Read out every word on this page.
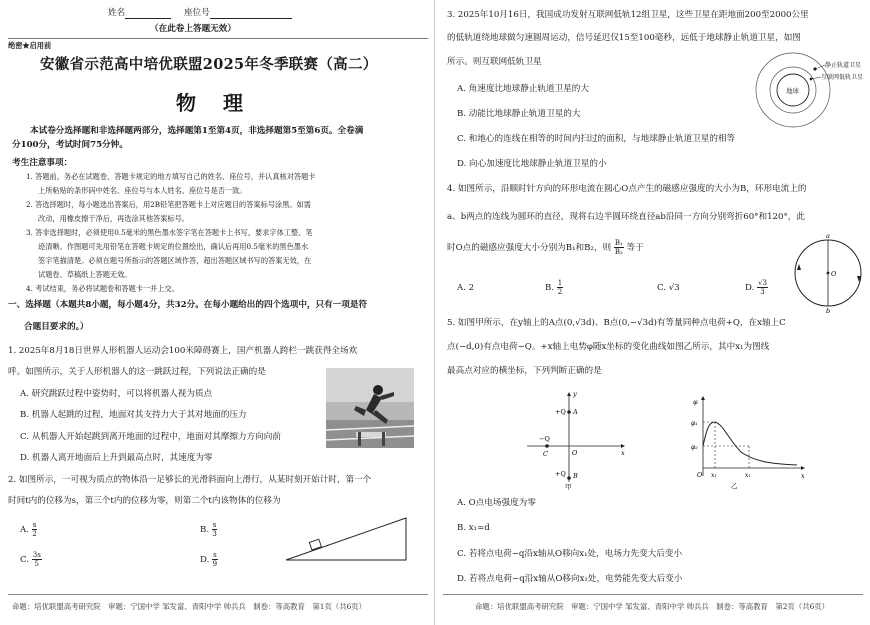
姓名	座位号
（在此卷上答题无效）
绝密★启用前
安徽省示范高中培优联盟2025年冬季联赛（高二）
物 理
本试卷分选择题和非选择题两部分，选择题第1至第4页，非选择题第5至第6页。全卷满
分100分，考试时间75分钟。
考生注意事项：
1. 答题前，务必在试题卷、答题卡规定的地方填写自己的姓名、座位号，并认真核对答题卡
上所粘贴的条形码中姓名、座位号与本人姓名、座位号是否一致。
2. 答选择题时，每小题选出答案后，用2B铅笔把答题卡上对应题目的答案标号涂黑。如需
改动，用橡皮擦干净后，再选涂其他答案标号。
3. 答非选择题时，必须使用0.5毫米的黑色墨水签字笔在答题卡上书写，要求字体工整、笔
迹清晰。作图题可先用铅笔在答题卡规定的位置绘出，确认后再用0.5毫米的黑色墨水
签字笔描清楚。必须在题号所指示的答题区域作答，超出答题区域书写的答案无效，在
试题卷、草稿纸上答题无效。
4. 考试结束，务必将试题卷和答题卡一并上交。
一、选择题（本题共8小题，每小题4分，共32分。在每小题给出的四个选项中，只有一项是符
合题目要求的。）
1. 2025年8月18日世界人形机器人运动会100米障碍赛上，国产机器人跨栏一跳获得全场欢
呼。如图所示，关于人形机器人的这一跳跃过程，下列说法正确的是
A. 研究跳跃过程中姿势时，可以将机器人视为质点
B. 机器人起跳的过程，地面对其支持力大于其对地面的压力
C. 从机器人开始起跳到离开地面的过程中，地面对其摩擦力方向向前
D. 机器人离开地面后上升到最高点时，其速度为零
2. 如图所示，一可视为质点的物体沿一足够长的光滑斜面向上滑行，从某时刻开始计时，第一个
时间t内的位移为s，第三个t内的位移为零，则第二个t内该物体的位移为
A. $\frac{s}{2}$	B. $\frac{s}{3}$
C. $\frac{3s}{5}$	D. $\frac{s}{9}$
命题：培优联盟高考研究院　审题：宁国中学 邹发富、青阳中学 帅兵兵　制卷：等高教育　第1页（共6页）
3. 2025年10月16日，我国成功发射互联网低轨12组卫星，这些卫星在距地面200至2000公里
的低轨道绕地球做匀速圆周运动，信号延迟仅15至100毫秒，远低于地球静止轨道卫星，如图
所示。则互联网低轨卫星
A. 角速度比地球静止轨道卫星的大
B. 动能比地球静止轨道卫星的大
C. 和地心的连线在相等的时间内扫过的面积，与地球静止轨道卫星的相等
D. 向心加速度比地球静止轨道卫星的小
地球
静止轨道卫星
互联网低轨卫星
4. 如图所示，沿顺时针方向的环形电流在圆心O点产生的磁感应强度的大小为B，环形电流上的
a、b两点的连线为圆环的直径，现将右边半圆环绕直径ab沿同一方向分别弯折60°和120°，此
时O点的磁感应强度大小分别为B₁和B₂，则 $\frac{\text{B₁}}{\text{B₂}}$ 等于
A. 2	B. $\frac{1}{2}$	C. √3	D. $\frac{√3}{3}$
a
b
O
5. 如图甲所示，在y轴上的A点(0,√3d)、B点(0,−√3d)有等量同种点电荷+Q，在x轴上C
点(−d,0)有点电荷−Q。+x轴上电势φ随x坐标的变化曲线如图乙所示，其中x₁为图线
最高点对应的横坐标，下列判断正确的是
y
x
+Q A
−Q
C	O
+Q B
甲
φ
x
φ₁
φ₂
O x₁	x₁
乙
A. O点电场强度为零
B. x₁=d
C. 若将点电荷−q沿x轴从O移向x₁处，电场力先变大后变小
D. 若将点电荷−q沿x轴从O移向x₁处，电势能先变大后变小
命题：培优联盟高考研究院　审题：宁国中学 邹发富、青阳中学 帅兵兵　制卷：等高教育　第2页（共6页）
